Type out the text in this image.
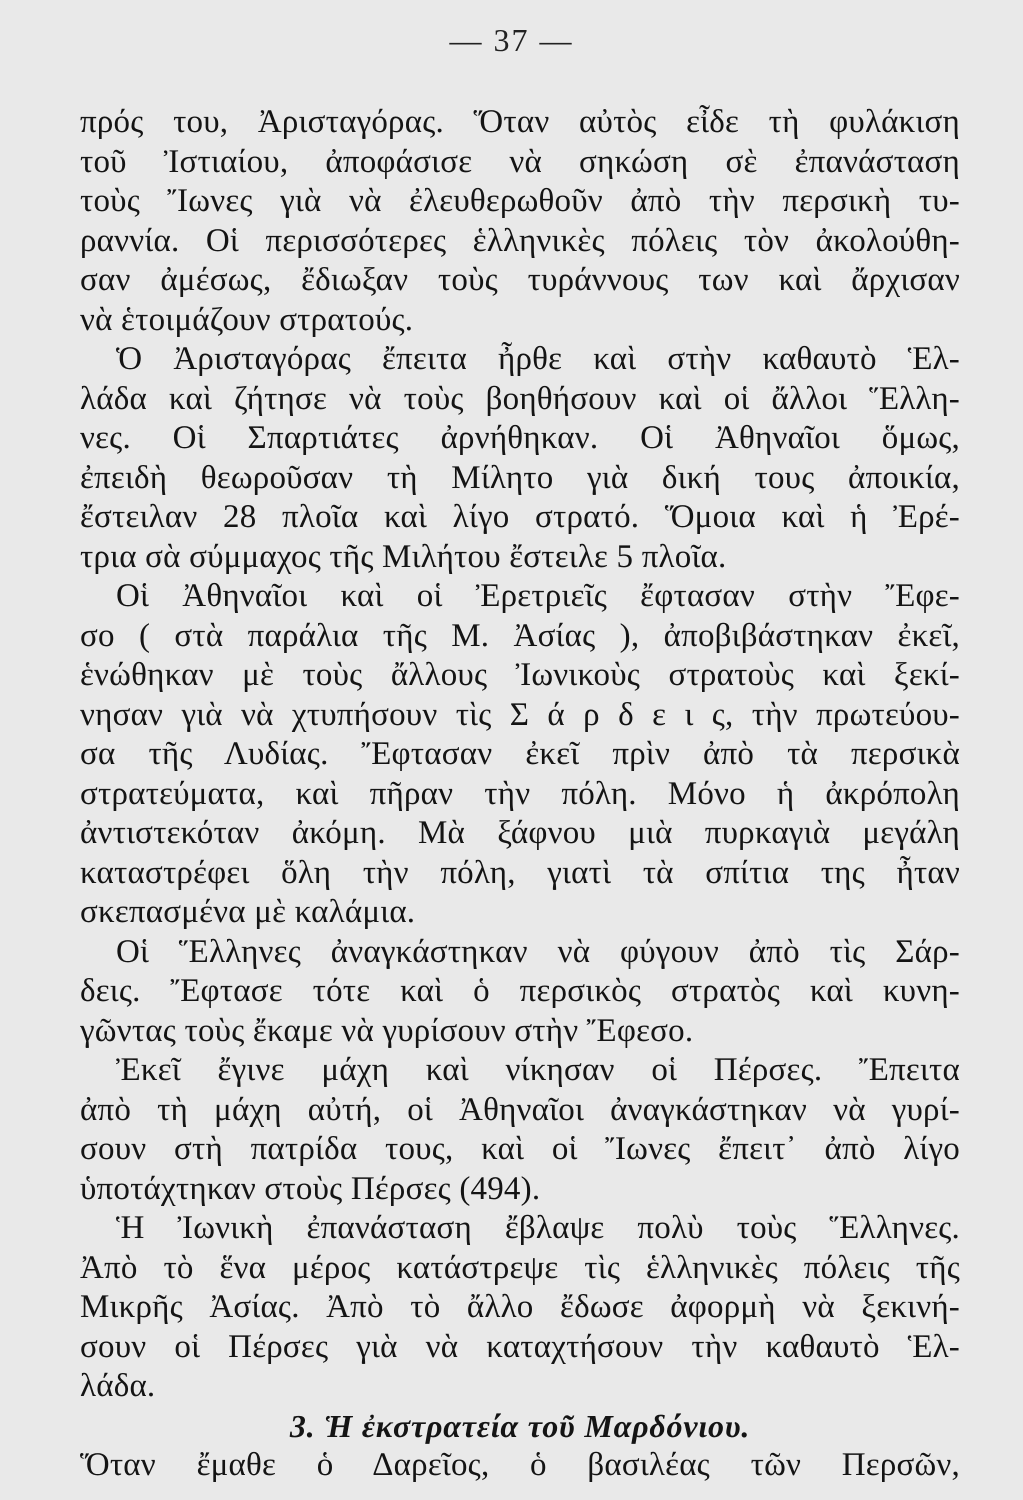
— 37 —
πρός του, Ἀρισταγόρας. Ὅταν αὐτὸς εἶδε τὴ φυλάκιση
τοῦ Ἰστιαίου, ἀποφάσισε νὰ σηκώση σὲ ἐπανάσταση
τοὺς Ἴωνες γιὰ νὰ ἐλευθερωθοῦν ἀπὸ τὴν περσικὴ τυ-
ραννία. Οἱ περισσότερες ἑλληνικὲς πόλεις τὸν ἀκολούθη-
σαν ἀμέσως, ἔδιωξαν τοὺς τυράννους των καὶ ἄρχισαν
νὰ ἑτοιμάζουν στρατούς.
Ὁ Ἀρισταγόρας ἔπειτα ἦρθε καὶ στὴν καθαυτὸ Ἑλ-
λάδα καὶ ζήτησε νὰ τοὺς βοηθήσουν καὶ οἱ ἄλλοι Ἕλλη-
νες. Οἱ Σπαρτιάτες ἀρνήθηκαν. Οἱ Ἀθηναῖοι ὅμως,
ἐπειδὴ θεωροῦσαν τὴ Μίλητο γιὰ δική τους ἀποικία,
ἔστειλαν 28 πλοῖα καὶ λίγο στρατό. Ὅμοια καὶ ἡ Ἐρέ-
τρια σὰ σύμμαχος τῆς Μιλήτου ἔστειλε 5 πλοῖα.
Οἱ Ἀθηναῖοι καὶ οἱ Ἐρετριεῖς ἔφτασαν στὴν Ἔφε-
σο ( στὰ παράλια τῆς Μ. Ἀσίας ), ἀποβιβάστηκαν ἐκεῖ,
ἑνώθηκαν μὲ τοὺς ἄλλους Ἰωνικοὺς στρατοὺς καὶ ξεκί-
νησαν γιὰ νὰ χτυπήσουν τὶς Σ ά ρ δ ε ι ς, τὴν πρωτεύου-
σα τῆς Λυδίας. Ἔφτασαν ἐκεῖ πρὶν ἀπὸ τὰ περσικὰ
στρατεύματα, καὶ πῆραν τὴν πόλη. Μόνο ἡ ἀκρόπολη
ἀντιστεκόταν ἀκόμη. Μὰ ξάφνου μιὰ πυρκαγιὰ μεγάλη
καταστρέφει ὅλη τὴν πόλη, γιατὶ τὰ σπίτια της ἦταν
σκεπασμένα μὲ καλάμια.
Οἱ Ἕλληνες ἀναγκάστηκαν νὰ φύγουν ἀπὸ τὶς Σάρ-
δεις. Ἔφτασε τότε καὶ ὁ περσικὸς στρατὸς καὶ κυνη-
γῶντας τοὺς ἔκαμε νὰ γυρίσουν στὴν Ἔφεσο.
Ἐκεῖ ἔγινε μάχη καὶ νίκησαν οἱ Πέρσες. Ἔπειτα
ἀπὸ τὴ μάχη αὐτή, οἱ Ἀθηναῖοι ἀναγκάστηκαν νὰ γυρί-
σουν στὴ πατρίδα τους, καὶ οἱ Ἴωνες ἔπειτ᾽ ἀπὸ λίγο
ὑποτάχτηκαν στοὺς Πέρσες (494).
Ἡ Ἰωνικὴ ἐπανάσταση ἔβλαψε πολὺ τοὺς Ἕλληνες.
Ἀπὸ τὸ ἕνα μέρος κατάστρεψε τὶς ἑλληνικὲς πόλεις τῆς
Μικρῆς Ἀσίας. Ἀπὸ τὸ ἄλλο ἔδωσε ἀφορμὴ νὰ ξεκινή-
σουν οἱ Πέρσες γιὰ νὰ καταχτήσουν τὴν καθαυτὸ Ἑλ-
λάδα.
3. Ἡ ἐκστρατεία τοῦ Μαρδόνιου.
Ὅταν ἔμαθε ὁ Δαρεῖος, ὁ βασιλέας τῶν Περσῶν,
